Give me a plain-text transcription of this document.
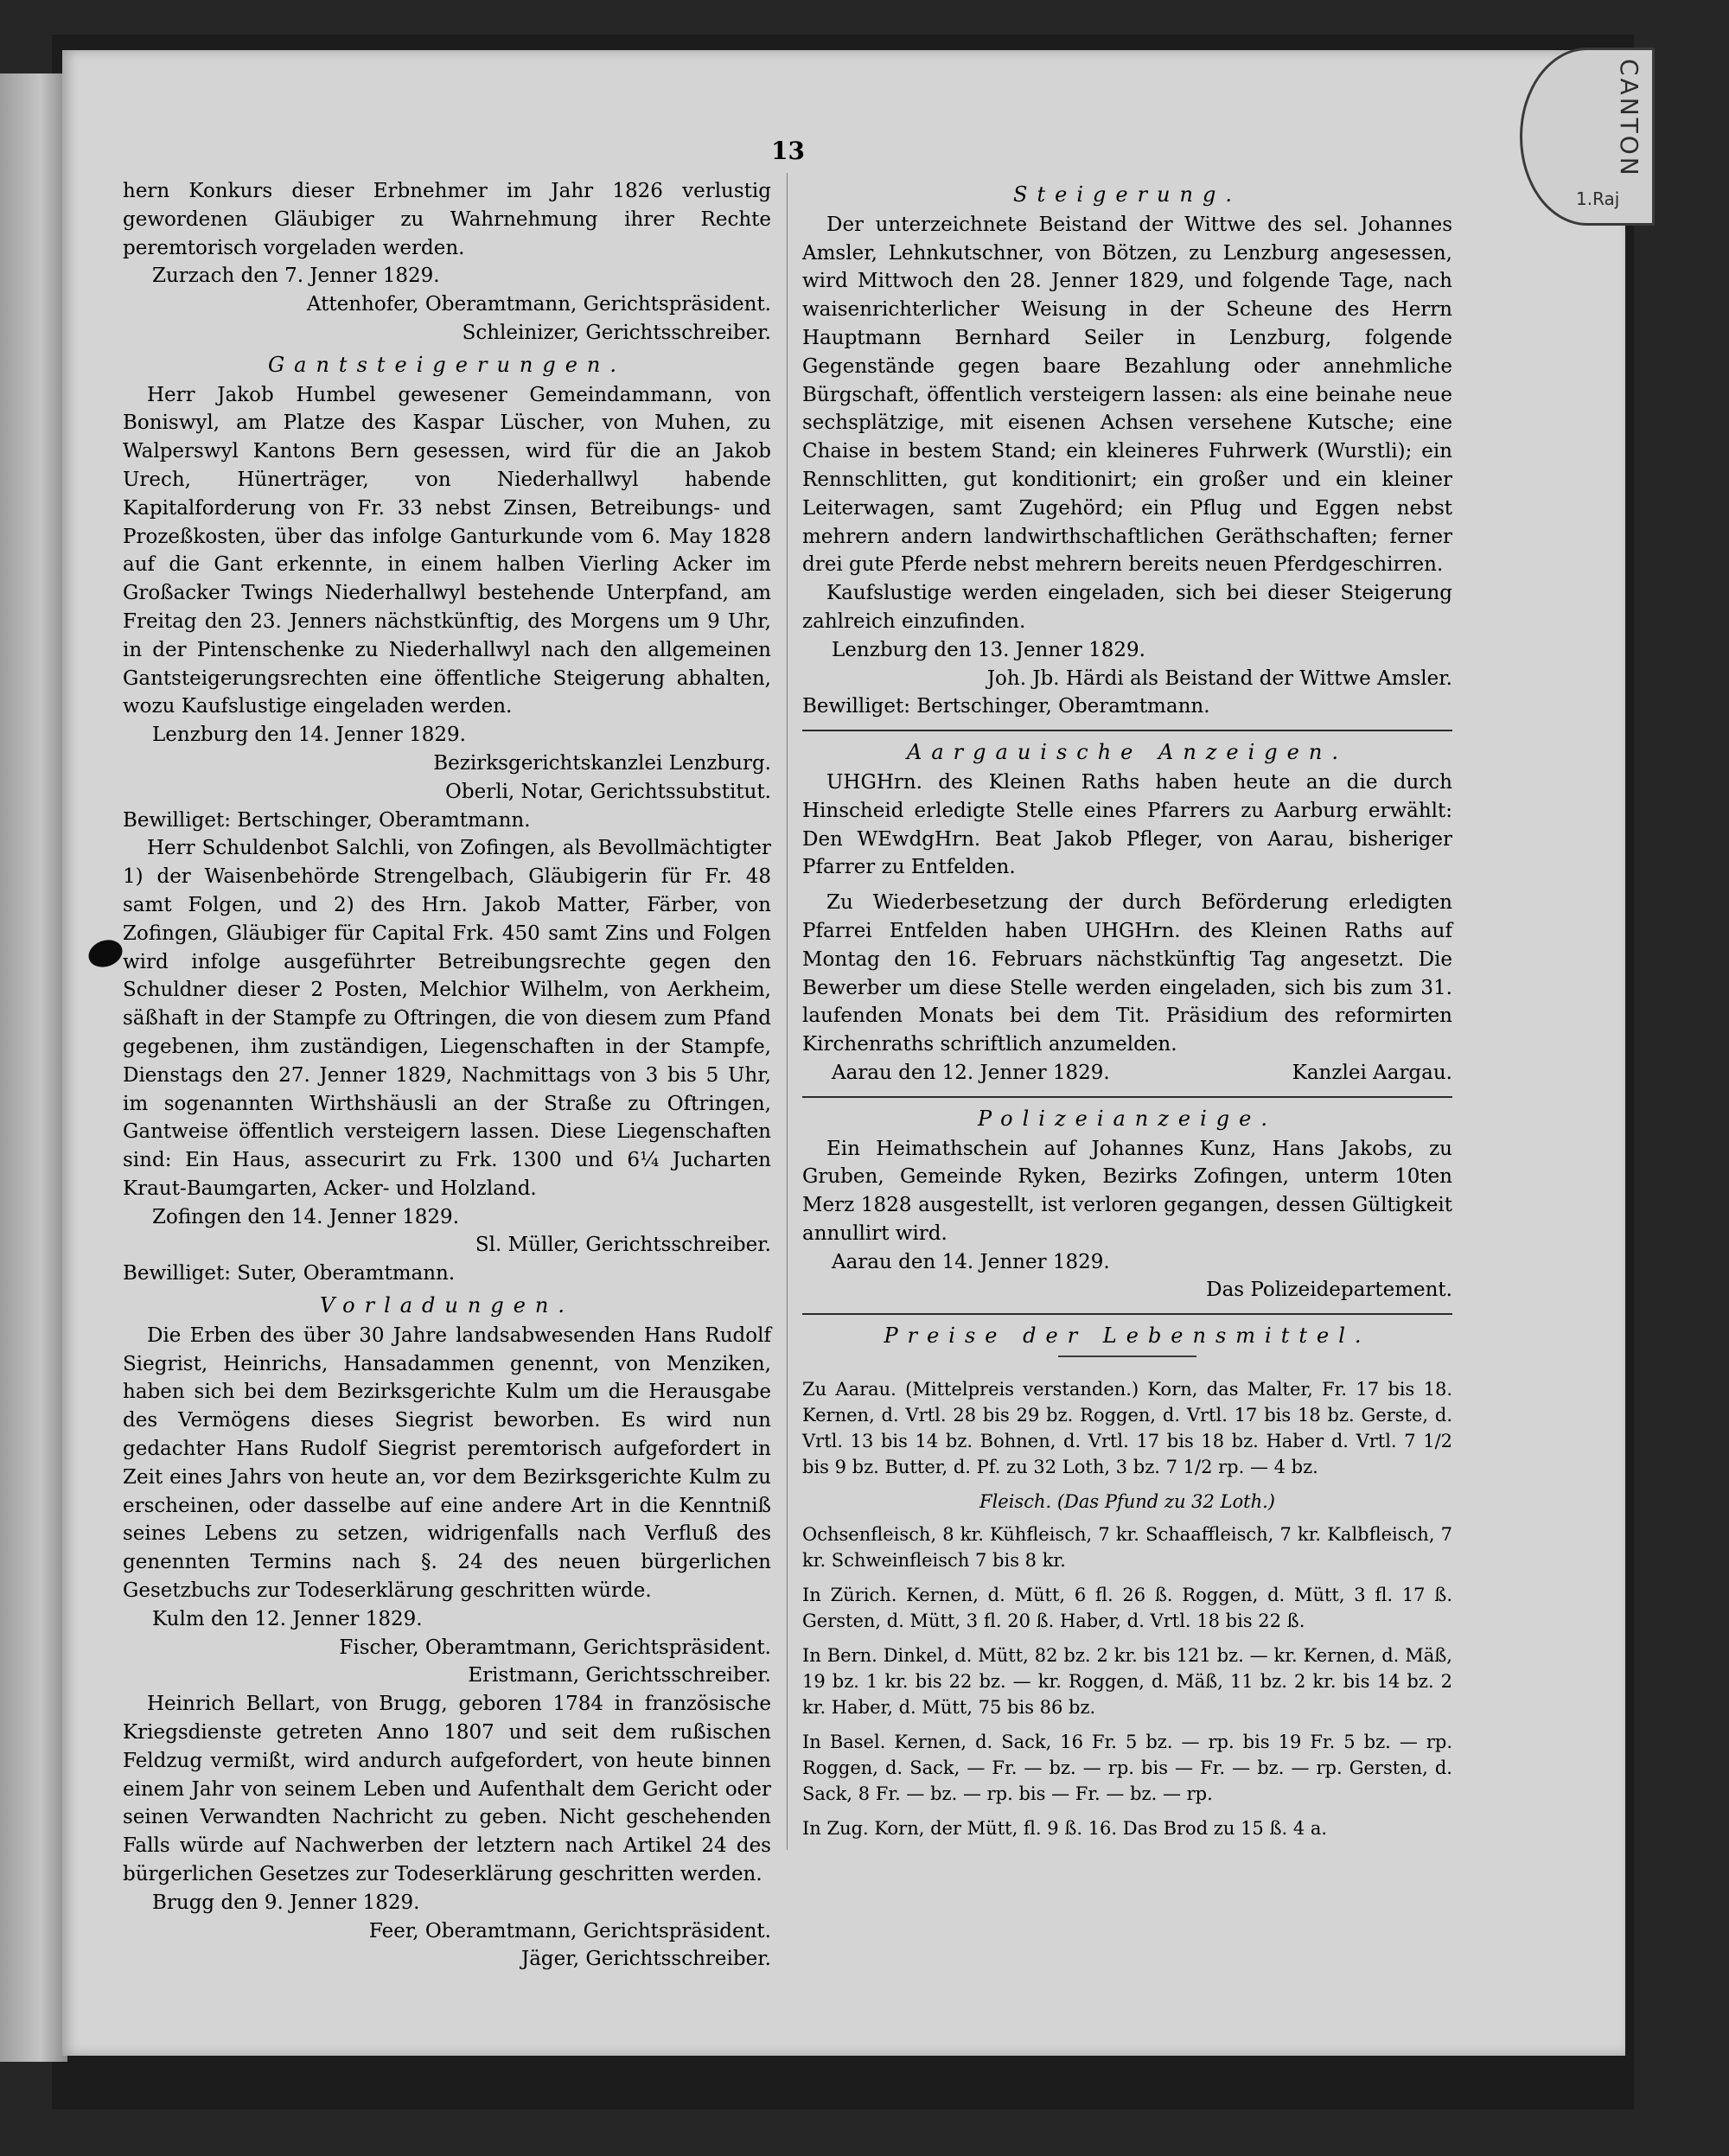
CANTON
1.Raj
13

hern Konkurs dieser Erbnehmer im Jahr 1826 verlustig gewordenen Gläubiger zu Wahrnehmung ihrer Rechte peremtorisch vorgeladen werden.

Zurzach den 7. Jenner 1829.

Attenhofer, Oberamtmann, Gerichtspräsident.

Schleinizer, Gerichtsschreiber.

Gantsteigerungen.

Herr Jakob Humbel gewesener Gemeindammann, von Boniswyl, am Platze des Kaspar Lüscher, von Muhen, zu Walperswyl Kantons Bern gesessen, wird für die an Jakob Urech, Hünerträger, von Niederhallwyl habende Kapitalforderung von Fr. 33 nebst Zinsen, Betreibungs- und Prozeßkosten, über das infolge Ganturkunde vom 6. May 1828 auf die Gant erkennte, in einem halben Vierling Acker im Großacker Twings Niederhallwyl bestehende Unterpfand, am Freitag den 23. Jenners nächstkünftig, des Morgens um 9 Uhr, in der Pintenschenke zu Niederhallwyl nach den allgemeinen Gantsteigerungsrechten eine öffentliche Steigerung abhalten, wozu Kaufslustige eingeladen werden.

Lenzburg den 14. Jenner 1829.

Bezirksgerichtskanzlei Lenzburg.

Oberli, Notar, Gerichtssubstitut.

Bewilliget: Bertschinger, Oberamtmann.

Herr Schuldenbot Salchli, von Zofingen, als Bevollmächtigter 1) der Waisenbehörde Strengelbach, Gläubigerin für Fr. 48 samt Folgen, und 2) des Hrn. Jakob Matter, Färber, von Zofingen, Gläubiger für Capital Frk. 450 samt Zins und Folgen wird infolge ausgeführter Betreibungsrechte gegen den Schuldner dieser 2 Posten, Melchior Wilhelm, von Aerkheim, säßhaft in der Stampfe zu Oftringen, die von diesem zum Pfand gegebenen, ihm zuständigen, Liegenschaften in der Stampfe, Dienstags den 27. Jenner 1829, Nachmittags von 3 bis 5 Uhr, im sogenannten Wirthshäusli an der Straße zu Oftringen, Gantweise öffentlich versteigern lassen. Diese Liegenschaften sind: Ein Haus, assecurirt zu Frk. 1300 und 6¼ Jucharten Kraut-Baumgarten, Acker- und Holzland.

Zofingen den 14. Jenner 1829.

Sl. Müller, Gerichtsschreiber.

Bewilliget: Suter, Oberamtmann.

Vorladungen.

Die Erben des über 30 Jahre landsabwesenden Hans Rudolf Siegrist, Heinrichs, Hansadammen genennt, von Menziken, haben sich bei dem Bezirksgerichte Kulm um die Herausgabe des Vermögens dieses Siegrist beworben. Es wird nun gedachter Hans Rudolf Siegrist peremtorisch aufgefordert in Zeit eines Jahrs von heute an, vor dem Bezirksgerichte Kulm zu erscheinen, oder dasselbe auf eine andere Art in die Kenntniß seines Lebens zu setzen, widrigenfalls nach Verfluß des genennten Termins nach §. 24 des neuen bürgerlichen Gesetzbuchs zur Todeserklärung geschritten würde.

Kulm den 12. Jenner 1829.

Fischer, Oberamtmann, Gerichtspräsident.

Eristmann, Gerichtsschreiber.

Heinrich Bellart, von Brugg, geboren 1784 in französische Kriegsdienste getreten Anno 1807 und seit dem rußischen Feldzug vermißt, wird andurch aufgefordert, von heute binnen einem Jahr von seinem Leben und Aufenthalt dem Gericht oder seinen Verwandten Nachricht zu geben. Nicht geschehenden Falls würde auf Nachwerben der letztern nach Artikel 24 des bürgerlichen Gesetzes zur Todeserklärung geschritten werden.

Brugg den 9. Jenner 1829.

Feer, Oberamtmann, Gerichtspräsident.

Jäger, Gerichtsschreiber.

Steigerung.

Der unterzeichnete Beistand der Wittwe des sel. Johannes Amsler, Lehnkutschner, von Bötzen, zu Lenzburg angesessen, wird Mittwoch den 28. Jenner 1829, und folgende Tage, nach waisenrichterlicher Weisung in der Scheune des Herrn Hauptmann Bernhard Seiler in Lenzburg, folgende Gegenstände gegen baare Bezahlung oder annehmliche Bürgschaft, öffentlich versteigern lassen: als eine beinahe neue sechsplätzige, mit eisenen Achsen versehene Kutsche; eine Chaise in bestem Stand; ein kleineres Fuhrwerk (Wurstli); ein Rennschlitten, gut konditionirt; ein großer und ein kleiner Leiterwagen, samt Zugehörd; ein Pflug und Eggen nebst mehrern andern landwirthschaftlichen Geräthschaften; ferner drei gute Pferde nebst mehrern bereits neuen Pferdgeschirren.

Kaufslustige werden eingeladen, sich bei dieser Steigerung zahlreich einzufinden.

Lenzburg den 13. Jenner 1829.

Joh. Jb. Härdi als Beistand der Wittwe Amsler.

Bewilliget: Bertschinger, Oberamtmann.

Aargauische Anzeigen.

UHGHrn. des Kleinen Raths haben heute an die durch Hinscheid erledigte Stelle eines Pfarrers zu Aarburg erwählt: Den WEwdgHrn. Beat Jakob Pfleger, von Aarau, bisheriger Pfarrer zu Entfelden.

Zu Wiederbesetzung der durch Beförderung erledigten Pfarrei Entfelden haben UHGHrn. des Kleinen Raths auf Montag den 16. Februars nächstkünftig Tag angesetzt. Die Bewerber um diese Stelle werden eingeladen, sich bis zum 31. laufenden Monats bei dem Tit. Präsidium des reformirten Kirchenraths schriftlich anzumelden.

Aarau den 12. Jenner 1829.	Kanzlei Aargau.
Polizeianzeige.

Ein Heimathschein auf Johannes Kunz, Hans Jakobs, zu Gruben, Gemeinde Ryken, Bezirks Zofingen, unterm 10ten Merz 1828 ausgestellt, ist verloren gegangen, dessen Gültigkeit annullirt wird.

Aarau den 14. Jenner 1829.

Das Polizeidepartement.

Preise der Lebensmittel.

Zu Aarau. (Mittelpreis verstanden.) Korn, das Malter, Fr. 17 bis 18. Kernen, d. Vrtl. 28 bis 29 bz. Roggen, d. Vrtl. 17 bis 18 bz. Gerste, d. Vrtl. 13 bis 14 bz. Bohnen, d. Vrtl. 17 bis 18 bz. Haber d. Vrtl. 7 1/2 bis 9 bz. Butter, d. Pf. zu 32 Loth, 3 bz. 7 1/2 rp. — 4 bz.

Fleisch. (Das Pfund zu 32 Loth.)

Ochsenfleisch, 8 kr. Kühfleisch, 7 kr. Schaaffleisch, 7 kr. Kalbfleisch, 7 kr. Schweinfleisch 7 bis 8 kr.

In Zürich. Kernen, d. Mütt, 6 fl. 26 ß. Roggen, d. Mütt, 3 fl. 17 ß. Gersten, d. Mütt, 3 fl. 20 ß. Haber, d. Vrtl. 18 bis 22 ß.

In Bern. Dinkel, d. Mütt, 82 bz. 2 kr. bis 121 bz. — kr. Kernen, d. Mäß, 19 bz. 1 kr. bis 22 bz. — kr. Roggen, d. Mäß, 11 bz. 2 kr. bis 14 bz. 2 kr. Haber, d. Mütt, 75 bis 86 bz.

In Basel. Kernen, d. Sack, 16 Fr. 5 bz. — rp. bis 19 Fr. 5 bz. — rp. Roggen, d. Sack, — Fr. — bz. — rp. bis — Fr. — bz. — rp. Gersten, d. Sack, 8 Fr. — bz. — rp. bis — Fr. — bz. — rp.

In Zug. Korn, der Mütt, fl. 9 ß. 16. Das Brod zu 15 ß. 4 a.
